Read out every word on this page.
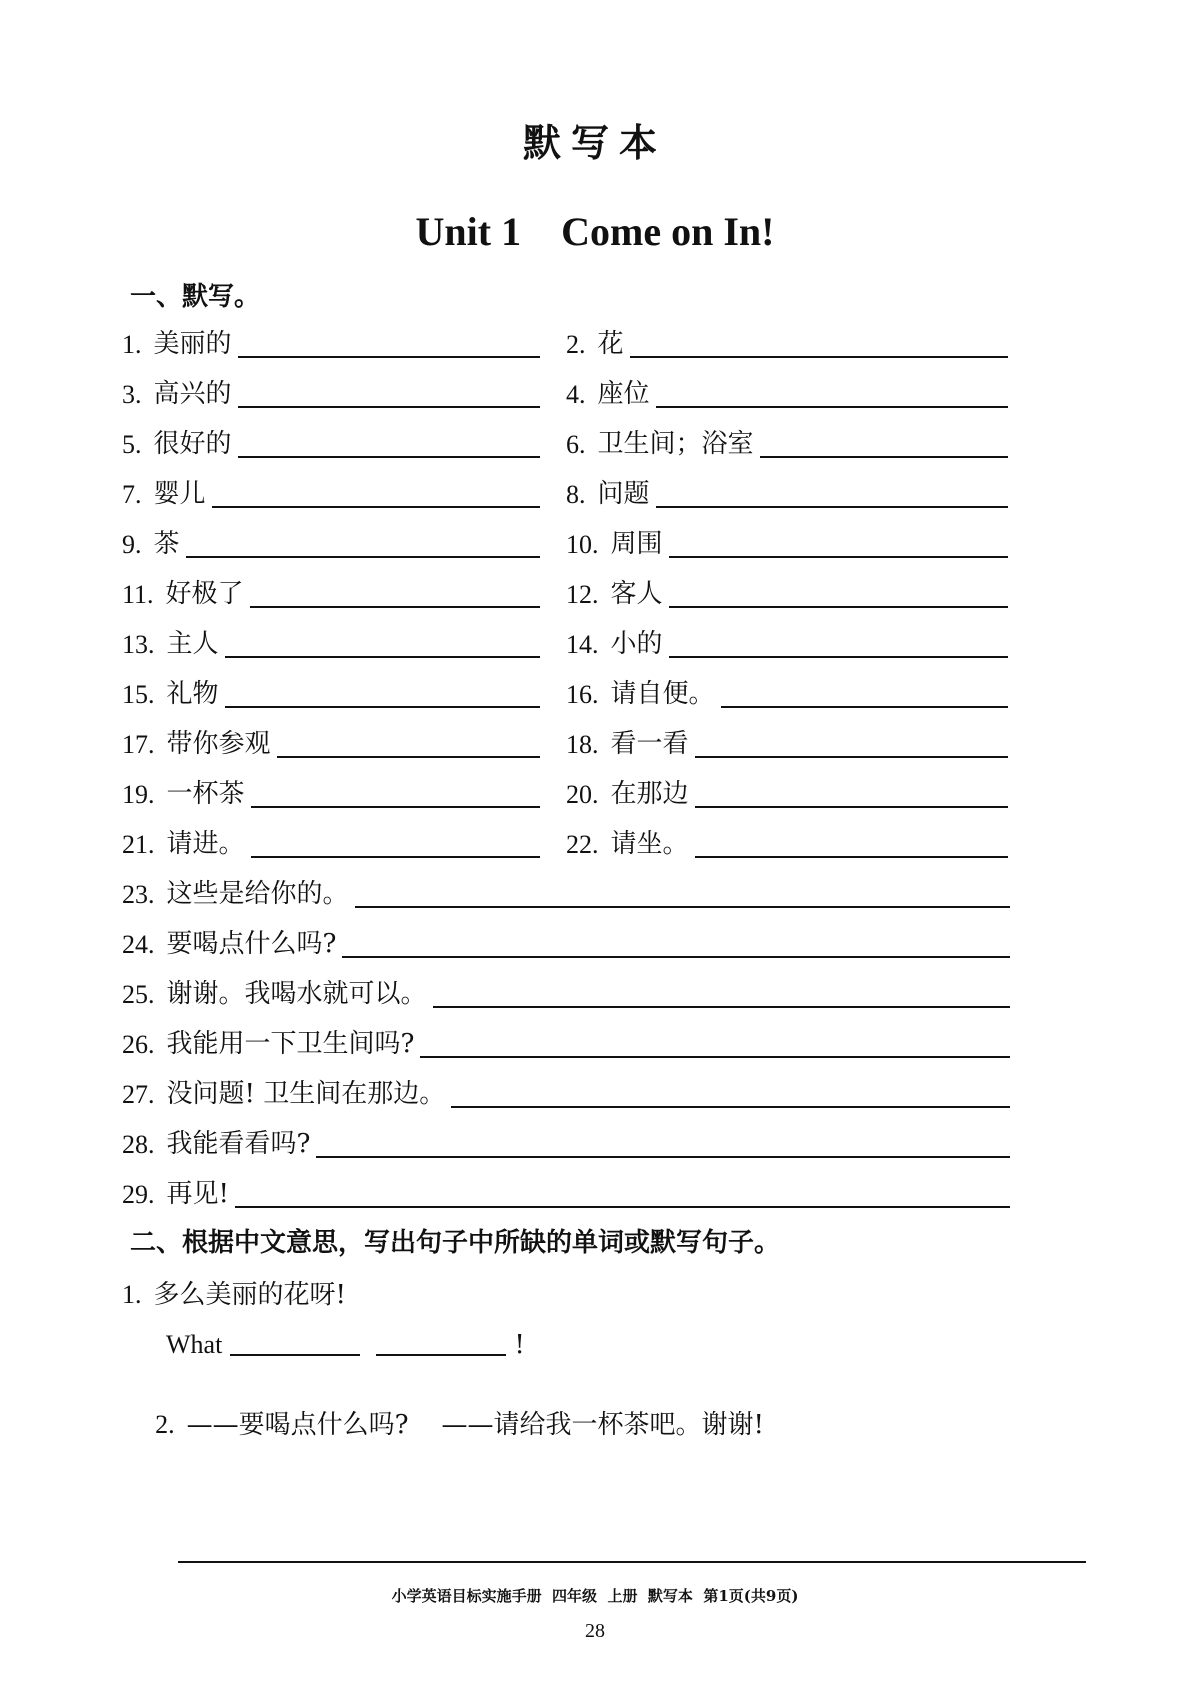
默写本
Unit 1    Come on In!
一、默写。
1. 美丽的	2. 花
3. 高兴的	4. 座位
5. 很好的	6. 卫生间；浴室
7. 婴儿	8. 问题
9. 茶	10. 周围
11. 好极了	12. 客人
13. 主人	14. 小的
15. 礼物	16. 请自便。
17. 带你参观	18. 看一看
19. 一杯茶	20. 在那边
21. 请进。	22. 请坐。
23. 这些是给你的。
24. 要喝点什么吗?
25. 谢谢。我喝水就可以。
26. 我能用一下卫生间吗?
27. 没问题! 卫生间在那边。
28. 我能看看吗?
29. 再见!
二、根据中文意思，写出句子中所缺的单词或默写句子。
1. 多么美丽的花呀!
What	!

2. ——要喝点什么吗?    ——请给我一杯茶吧。谢谢!

小学英语目标实施手册  四年级  上册  默写本  第1页(共9页)
28
